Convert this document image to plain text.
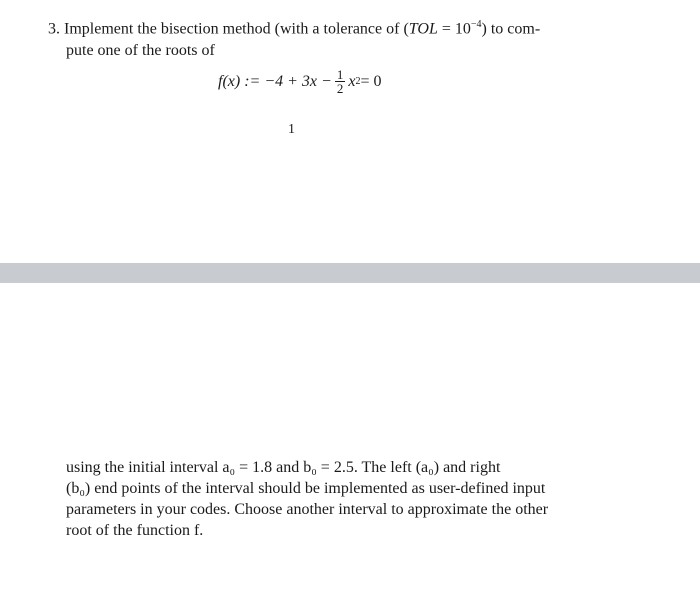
3. Implement the bisection method (with a tolerance of $(TOL = 10^{-4})$ to com-
pute one of the roots of
f(x) := $-4 + 3x - \frac{1}{2}$ x 2 = 0
1

using the initial interval a₀ = 1.8 and b₀ = 2.5. The left (a₀) and right

(b₀) end points of the interval should be implemented as user-defined input

parameters in your codes. Choose another interval to approximate the other

root of the function f.
